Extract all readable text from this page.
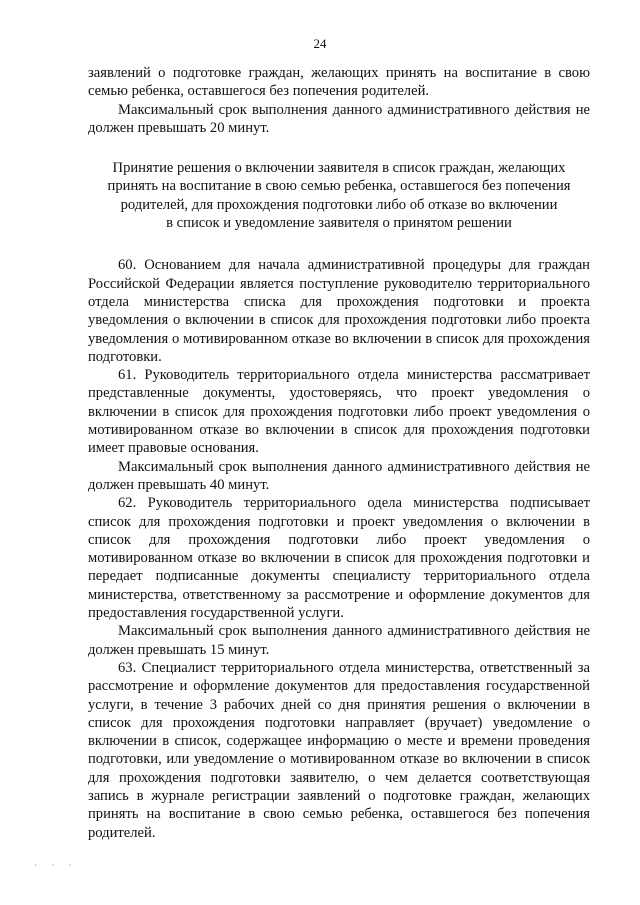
24

заявлений о подготовке граждан, желающих принять на воспитание в свою семью ребенка, оставшегося без попечения родителей.

Максимальный срок выполнения данного административного действия не должен превышать 20 минут.

Принятие решения о включении заявителя в список граждан, желающих
принять на воспитание в свою семью ребенка, оставшегося без попечения
родителей, для прохождения подготовки либо об отказе во включении
в список и уведомление заявителя о принятом решении

60. Основанием для начала административной процедуры для граждан Российской Федерации является поступление руководителю территориального отдела министерства списка для прохождения подготовки и проекта уведомления о включении в список для прохождения подготовки либо проекта уведомления о мотивированном отказе во включении в список для прохождения подготовки.

61. Руководитель территориального отдела министерства рассматривает представленные документы, удостоверяясь, что проект уведомления о включении в список для прохождения подготовки либо проект уведомления о мотивированном отказе во включении в список для прохождения подготовки имеет правовые основания.

Максимальный срок выполнения данного административного действия не должен превышать 40 минут.

62. Руководитель территориального одела министерства подписывает список для прохождения подготовки и проект уведомления о включении в список для прохождения подготовки либо проект уведомления о мотивированном отказе во включении в список для прохождения подготовки и передает подписанные документы специалисту территориального отдела министерства, ответственному за рассмотрение и оформление документов для предоставления государственной услуги.

Максимальный срок выполнения данного административного действия не должен превышать 15 минут.

63. Специалист территориального отдела министерства, ответственный за рассмотрение и оформление документов для предоставления государственной услуги, в течение 3 рабочих дней со дня принятия решения о включении в список для прохождения подготовки направляет (вручает) уведомление о включении в список, содержащее информацию о месте и времени проведения подготовки, или уведомление о мотивированном отказе во включении в список для прохождения подготовки заявителю, о чем делается соответствующая запись в журнале регистрации заявлений о подготовке граждан, желающих принять на воспитание в свою семью ребенка, оставшегося без попечения родителей.

· · ·
